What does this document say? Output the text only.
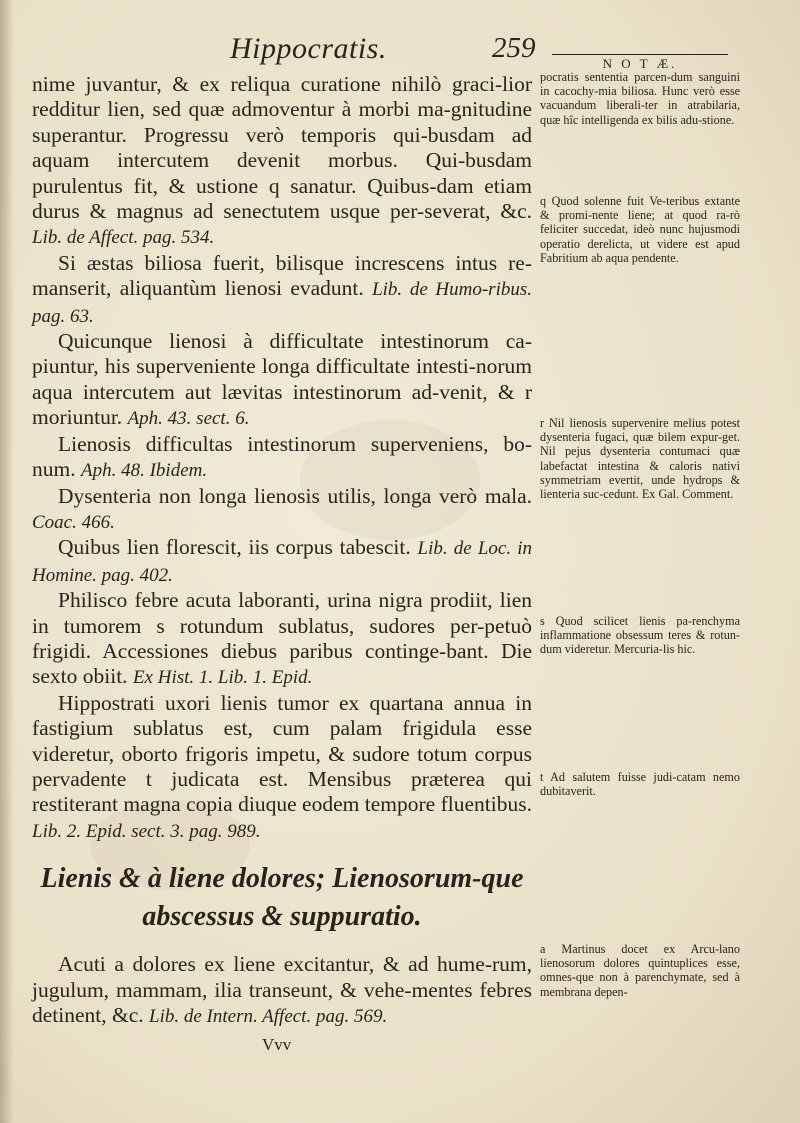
Hippocratis.	259	N O T Æ.

nime juvantur, & ex reliqua curatione nihilò graci-lior redditur lien, sed quæ admoventur à morbi ma-gnitudine superantur. Progressu verò temporis qui-busdam ad aquam intercutem devenit morbus. Qui-busdam purulentus fit, & ustione q sanatur. Quibus-dam etiam durus & magnus ad senectutem usque per-severat, &c. Lib. de Affect. pag. 534.

Si æstas biliosa fuerit, bilisque increscens intus re-manserit, aliquantùm lienosi evadunt. Lib. de Humo-ribus. pag. 63.

Quicunque lienosi à difficultate intestinorum ca-piuntur, his superveniente longa difficultate intesti-norum aqua intercutem aut lævitas intestinorum ad-venit, & r moriuntur. Aph. 43. sect. 6.

Lienosis difficultas intestinorum superveniens, bo-num. Aph. 48. Ibidem.

Dysenteria non longa lienosis utilis, longa verò mala. Coac. 466.

Quibus lien florescit, iis corpus tabescit. Lib. de Loc. in Homine. pag. 402.

Philisco febre acuta laboranti, urina nigra prodiit, lien in tumorem s rotundum sublatus, sudores per-petuò frigidi. Accessiones diebus paribus continge-bant. Die sexto obiit. Ex Hist. 1. Lib. 1. Epid.

Hippostrati uxori lienis tumor ex quartana annua in fastigium sublatus est, cum palam frigidula esse videretur, oborto frigoris impetu, & sudore totum corpus pervadente t judicata est. Mensibus præterea qui restiterant magna copia diuque eodem tempore fluentibus. Lib. 2. Epid. sect. 3. pag. 989.

Lienis & à liene dolores; Lienosorum-que abscessus & suppuratio.

Acuti a dolores ex liene excitantur, & ad hume-rum, jugulum, mammam, ilia transeunt, & vehe-mentes febres detinent, &c. Lib. de Intern. Affect. pag. 569.

Vvv

pocratis sententia parcen-dum sanguini in cacochy-mia biliosa. Hunc verò esse vacuandum liberali-ter in atrabilaria, quæ hîc intelligenda ex bilis adu-stione.

q Quod solenne fuit Ve-teribus extante & promi-nente liene; at quod ra-rò feliciter succedat, ideò nunc hujusmodi operatio derelicta, ut videre est apud Fabritium ab aqua pendente.

r Nil lienosis supervenire melius potest dysenteria fugaci, quæ bilem expur-get. Nil pejus dysenteria contumaci quæ labefactat intestina & caloris nativi symmetriam evertit, unde hydrops & lienteria suc-cedunt. Ex Gal. Comment.

s Quod scilicet lienis pa-renchyma inflammatione obsessum teres & rotun-dum videretur. Mercuria-lis hic.

t Ad salutem fuisse judi-catam nemo dubitaverit.

a Martinus docet ex Arcu-lano lienosorum dolores quintuplices esse, omnes-que non à parenchymate, sed à membrana depen-
